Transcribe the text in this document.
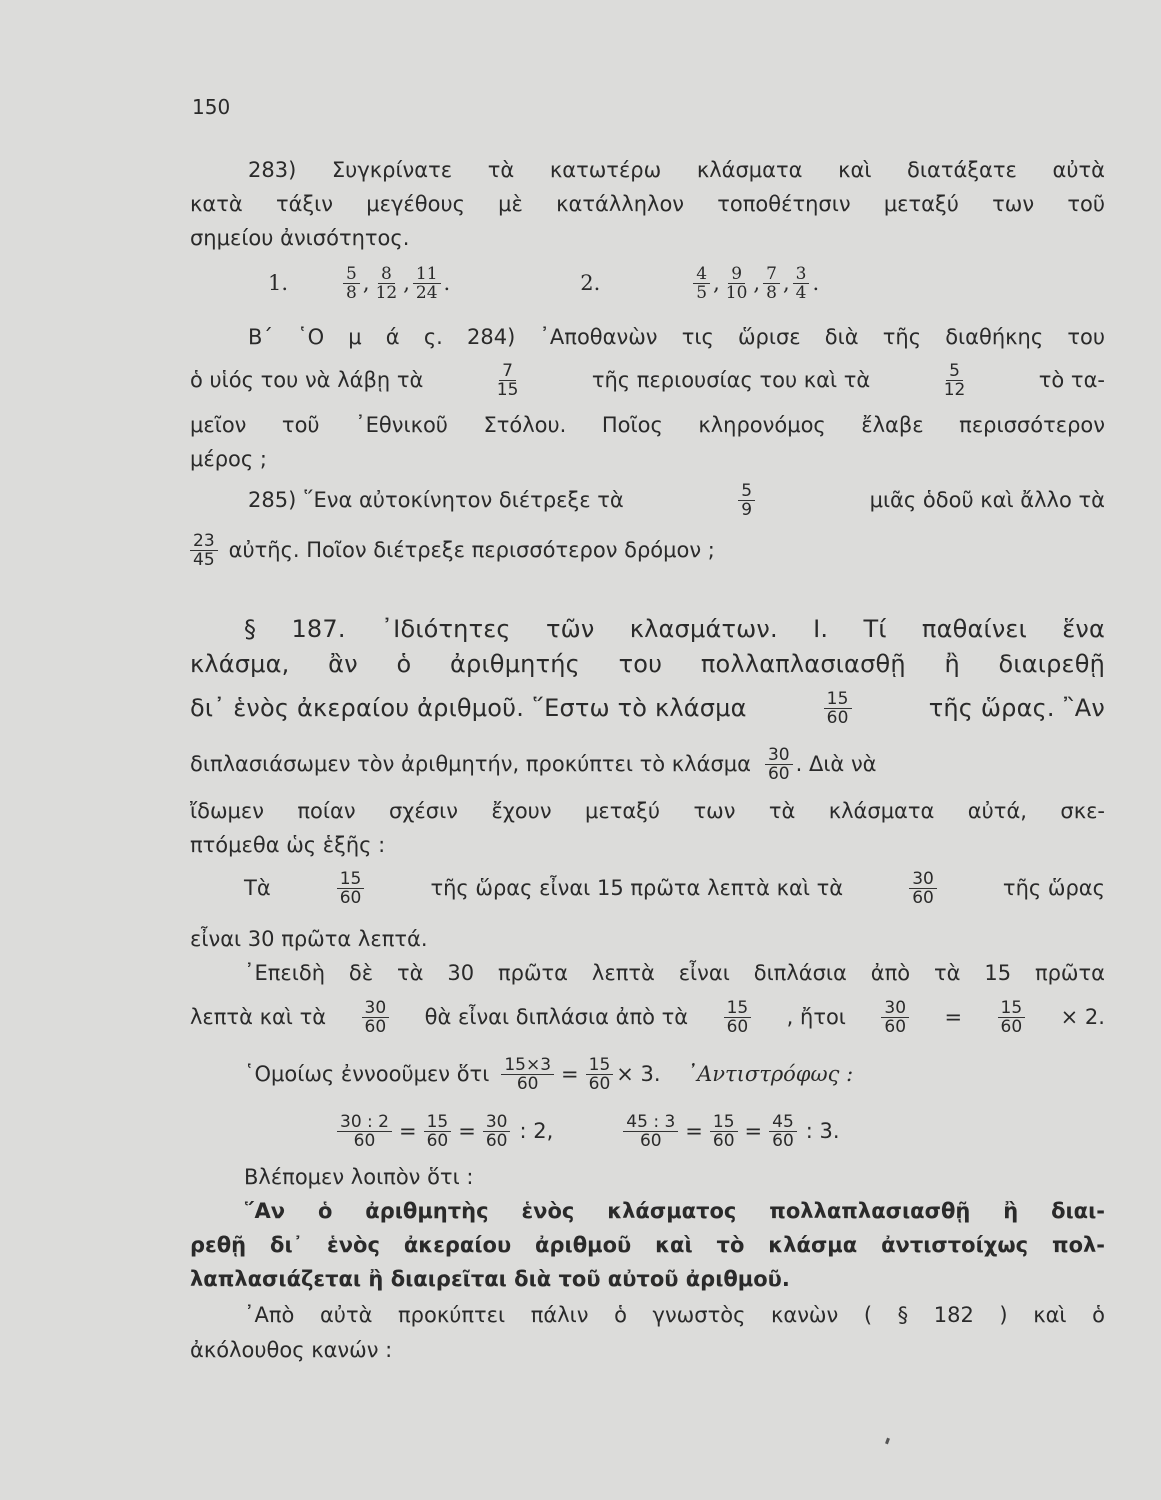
150
283) Συγκρίνατε τὰ κατωτέρω κλάσματα καὶ διατάξατε αὐτὰ
κατὰ τάξιν μεγέθους μὲ κατάλληλον τοποθέτησιν μεταξύ των τοῦ
σημείου ἀνισότητος.
1.	5
8 , 8
12 , 11
24 .	2.	4
5 , 9
10 , 7
8 , 3
4 .
Β΄ ῾Ο μ ά ς. 284) ᾿Αποθανὼν τις ὥρισε διὰ τῆς διαθήκης του
ὁ υἱός του νὰ λάβῃ τὰ	7
15	τῆς περιουσίας του καὶ τὰ	5
12	τὸ τα-
μεῖον τοῦ ᾿Εθνικοῦ Στόλου. Ποῖος κληρονόμος ἔλαβε περισσότερον
μέρος ;
285) ῞Ενα αὐτοκίνητον διέτρεξε τὰ	5
9	μιᾶς ὁδοῦ καὶ ἄλλο τὰ
23
45 αὐτῆς. Ποῖον διέτρεξε περισσότερον δρόμον ;
§ 187. ᾿Ιδιότητες τῶν κλασμάτων. Ι. Τί παθαίνει ἕνα
κλάσμα, ἂν ὁ ἀριθμητής του πολλαπλασιασθῇ ἢ διαιρεθῇ
δι᾿ ἑνὸς ἀκεραίου ἀριθμοῦ. ῞Εστω τὸ κλάσμα	15
60	τῆς ὥρας. ῍Αν
διπλασιάσωμεν τὸν ἀριθμητήν, προκύπτει τὸ κλάσμα 30
60 . Διὰ νὰ
ἴδωμεν ποίαν σχέσιν ἔχουν μεταξύ των τὰ κλάσματα αὐτά, σκε-
πτόμεθα ὡς ἑξῆς :
Τὰ	15
60	τῆς ὥρας εἶναι 15 πρῶτα λεπτὰ καὶ τὰ	30
60	τῆς ὥρας
εἶναι 30 πρῶτα λεπτά.
᾿Επειδὴ δὲ τὰ 30 πρῶτα λεπτὰ εἶναι διπλάσια ἀπὸ τὰ 15 πρῶτα
λεπτὰ καὶ τὰ 30
60 θὰ εἶναι διπλάσια ἀπὸ τὰ 15
60 , ἤτοι $\frac{30}{60} = \frac{15}{60} \times 2$.
῾Ομοίως ἐννοοῦμεν ὅτι $\frac{15\times 3}{60} = \frac{15}{60} \times 3$. ᾿Αντιστρόφως :
$\frac{30 : 2}{60} = \frac{15}{60} = \frac{30}{60}$ : 2,	$\frac{45 : 3}{60} = \frac{15}{60} = \frac{45}{60}$ : 3.
Βλέπομεν λοιπὸν ὅτι :
῞Αν ὁ ἀριθμητὴς ἑνὸς κλάσματος πολλαπλασιασθῇ ἢ διαι-
ρεθῇ δι᾿ ἑνὸς ἀκεραίου ἀριθμοῦ καὶ τὸ κλάσμα ἀντιστοίχως πολ-
λαπλασιάζεται ἢ διαιρεῖται διὰ τοῦ αὐτοῦ ἀριθμοῦ.
᾿Απὸ αὐτὰ προκύπτει πάλιν ὁ γνωστὸς κανὼν ( § 182 ) καὶ ὁ
ἀκόλουθος κανών :
